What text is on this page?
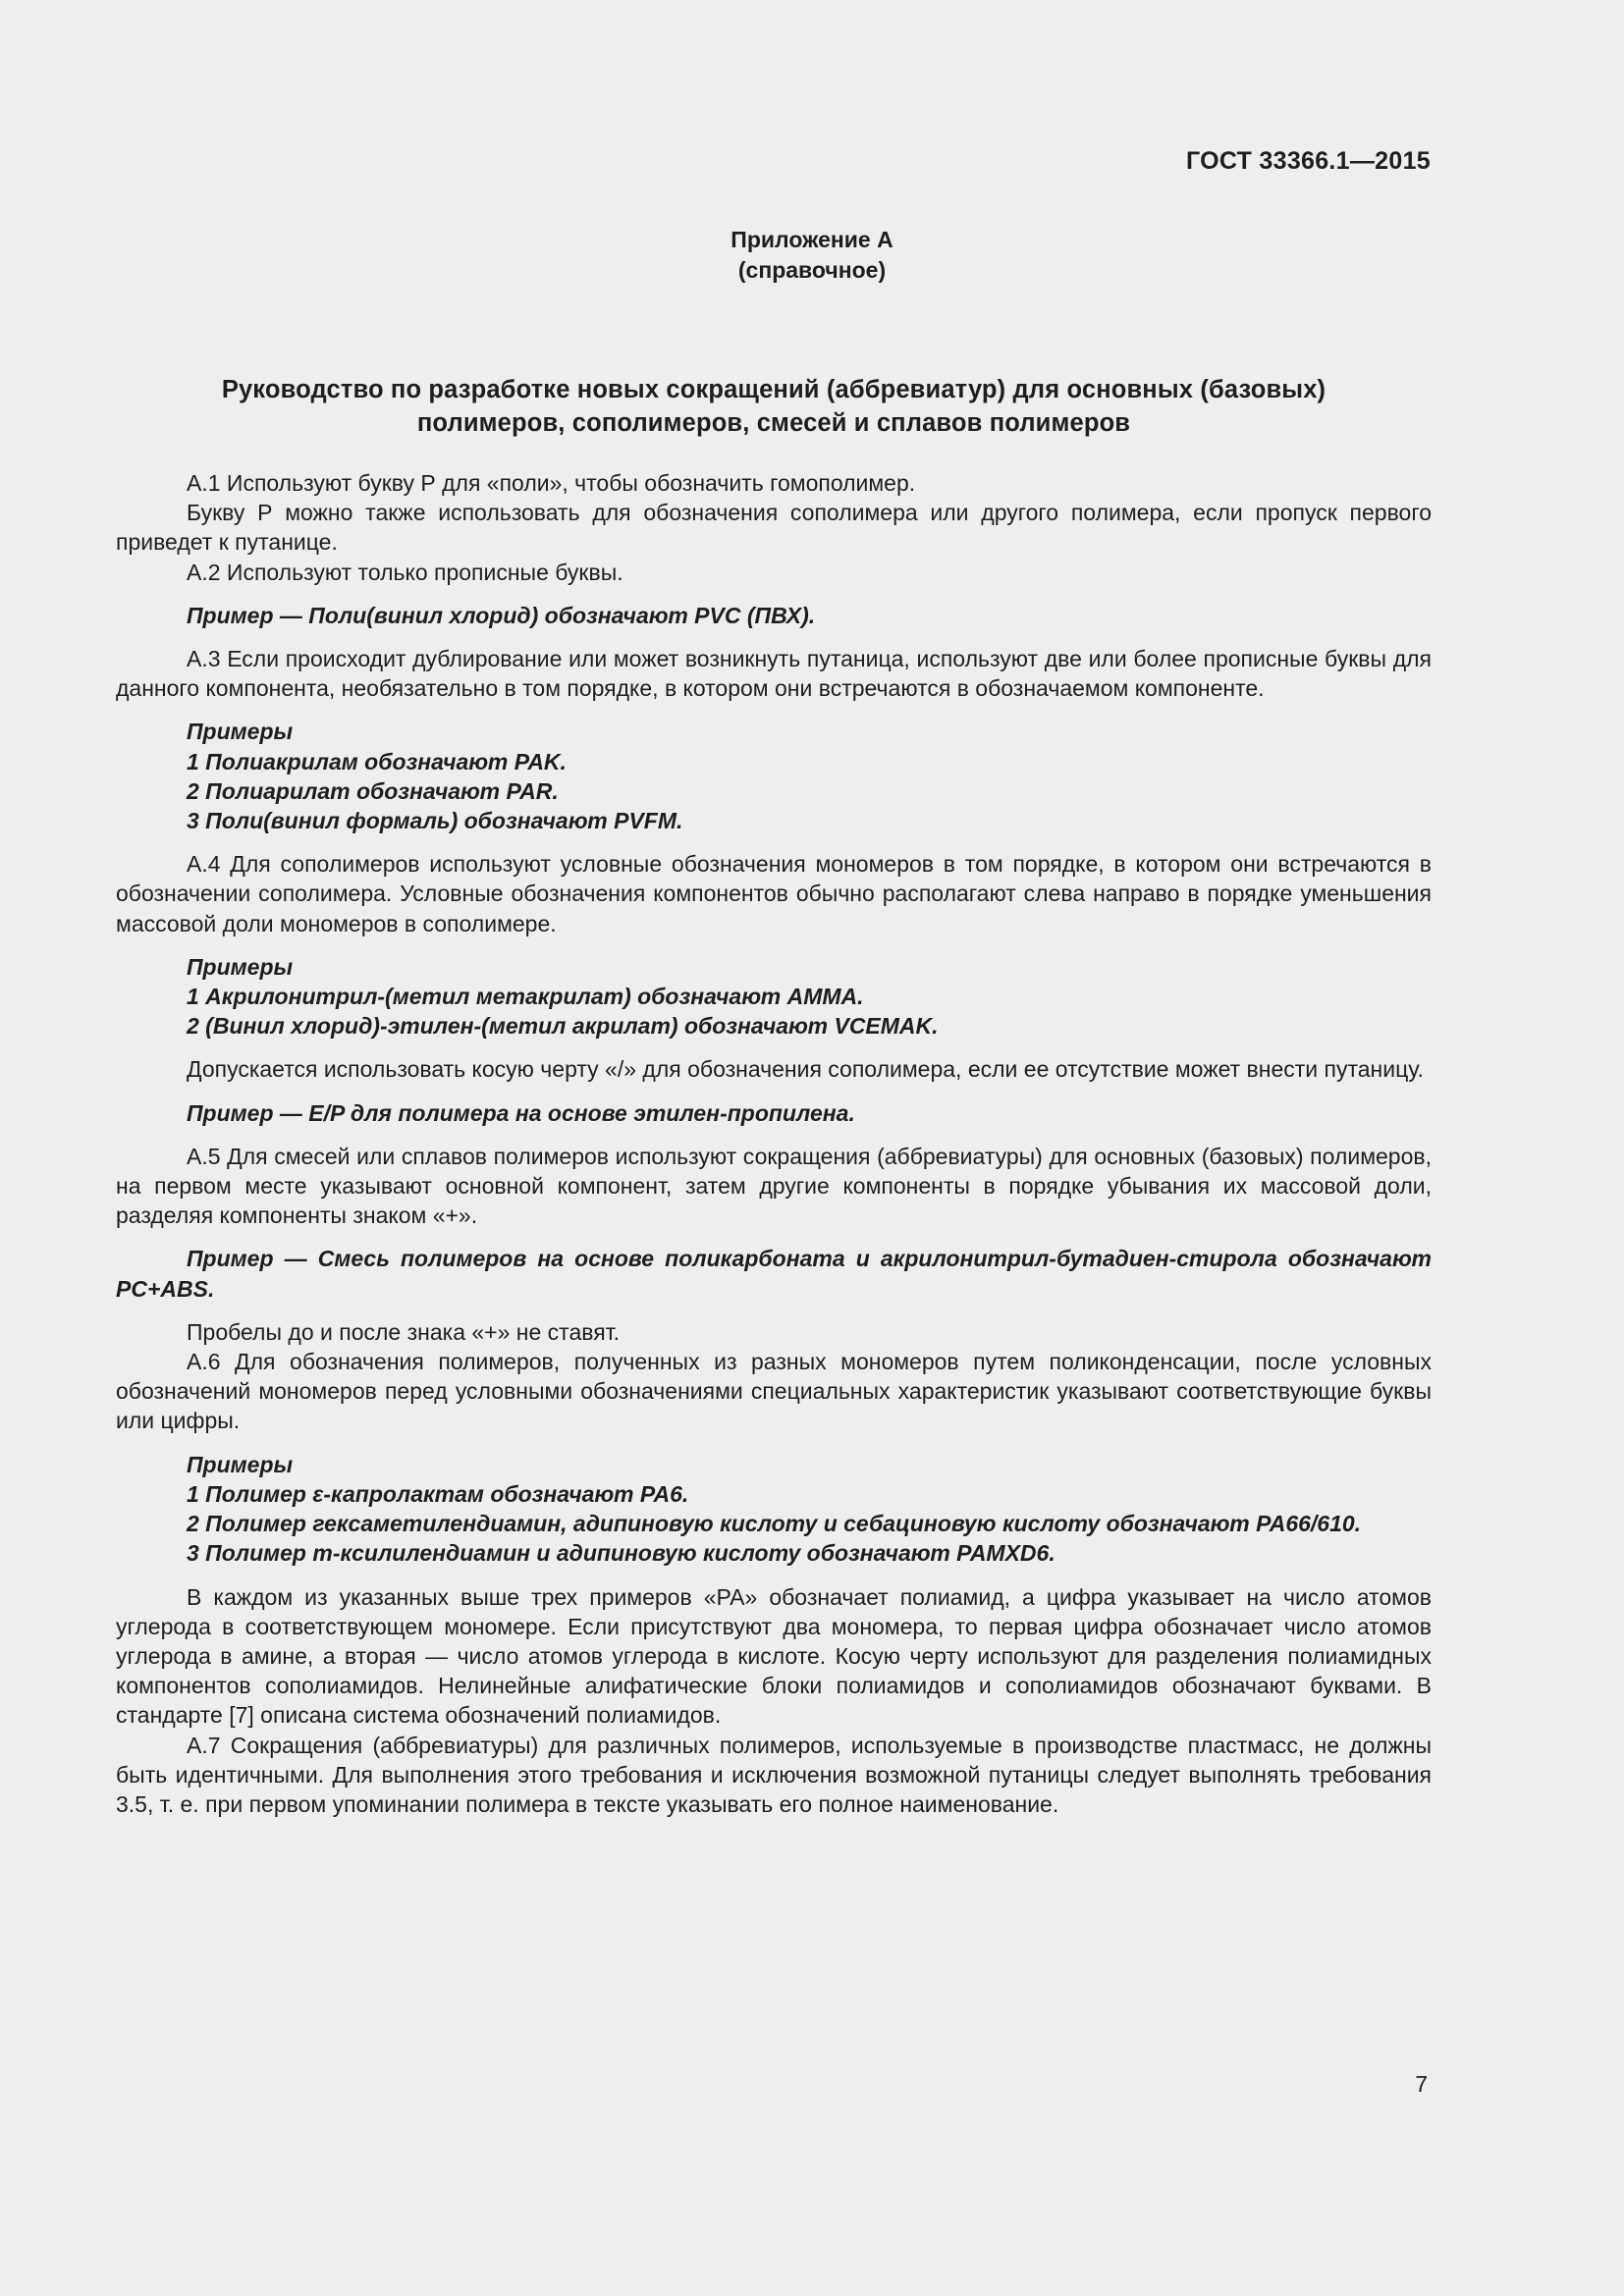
ГОСТ 33366.1—2015
Приложение А
(справочное)
Руководство по разработке новых сокращений (аббревиатур) для основных (базовых)
полимеров, сополимеров, смесей и сплавов полимеров

А.1 Используют букву Р для «поли», чтобы обозначить гомополимер.

Букву Р можно также использовать для обозначения сополимера или другого полимера, если пропуск первого приведет к путанице.

А.2 Используют только прописные буквы.

Пример — Поли(винил хлорид) обозначают PVC (ПВХ).

А.3 Если происходит дублирование или может возникнуть путаница, используют две или более прописные буквы для данного компонента, необязательно в том порядке, в котором они встречаются в обозначаемом компоненте.

Примеры

1 Полиакрилам обозначают PAK.

2 Полиарилат обозначают PAR.

3 Поли(винил формаль) обозначают PVFM.

А.4 Для сополимеров используют условные обозначения мономеров в том порядке, в котором они встречаются в обозначении сополимера. Условные обозначения компонентов обычно располагают слева направо в порядке уменьшения массовой доли мономеров в сополимере.

Примеры

1 Акрилонитрил-(метил метакрилат) обозначают AMMA.

2 (Винил хлорид)-этилен-(метил акрилат) обозначают VCEMAK.

Допускается использовать косую черту «/» для обозначения сополимера, если ее отсутствие может внести путаницу.

Пример — E/P для полимера на основе этилен-пропилена.

А.5 Для смесей или сплавов полимеров используют сокращения (аббревиатуры) для основных (базовых) полимеров, на первом месте указывают основной компонент, затем другие компоненты в порядке убывания их массовой доли, разделяя компоненты знаком «+».

Пример — Смесь полимеров на основе поликарбоната и акрилонитрил-бутадиен-стирола обозначают PC+ABS.

Пробелы до и после знака «+» не ставят.

А.6 Для обозначения полимеров, полученных из разных мономеров путем поликонденсации, после условных обозначений мономеров перед условными обозначениями специальных характеристик указывают соответствующие буквы или цифры.

Примеры

1 Полимер ε-капролактам обозначают PA6.

2 Полимер гексаметилендиамин, адипиновую кислоту и себациновую кислоту обозначают PA66/610.

3 Полимер m-ксилилендиамин и адипиновую кислоту обозначают PAMXD6.

В каждом из указанных выше трех примеров «PA» обозначает полиамид, а цифра указывает на число атомов углерода в соответствующем мономере. Если присутствуют два мономера, то первая цифра обозначает число атомов углерода в амине, а вторая — число атомов углерода в кислоте. Косую черту используют для разделения полиамидных компонентов сополиамидов. Нелинейные алифатические блоки полиамидов и сополиамидов обозначают буквами. В стандарте [7] описана система обозначений полиамидов.

А.7 Сокращения (аббревиатуры) для различных полимеров, используемые в производстве пластмасс, не должны быть идентичными. Для выполнения этого требования и исключения возможной путаницы следует выполнять требования 3.5, т. е. при первом упоминании полимера в тексте указывать его полное наименование.

7
